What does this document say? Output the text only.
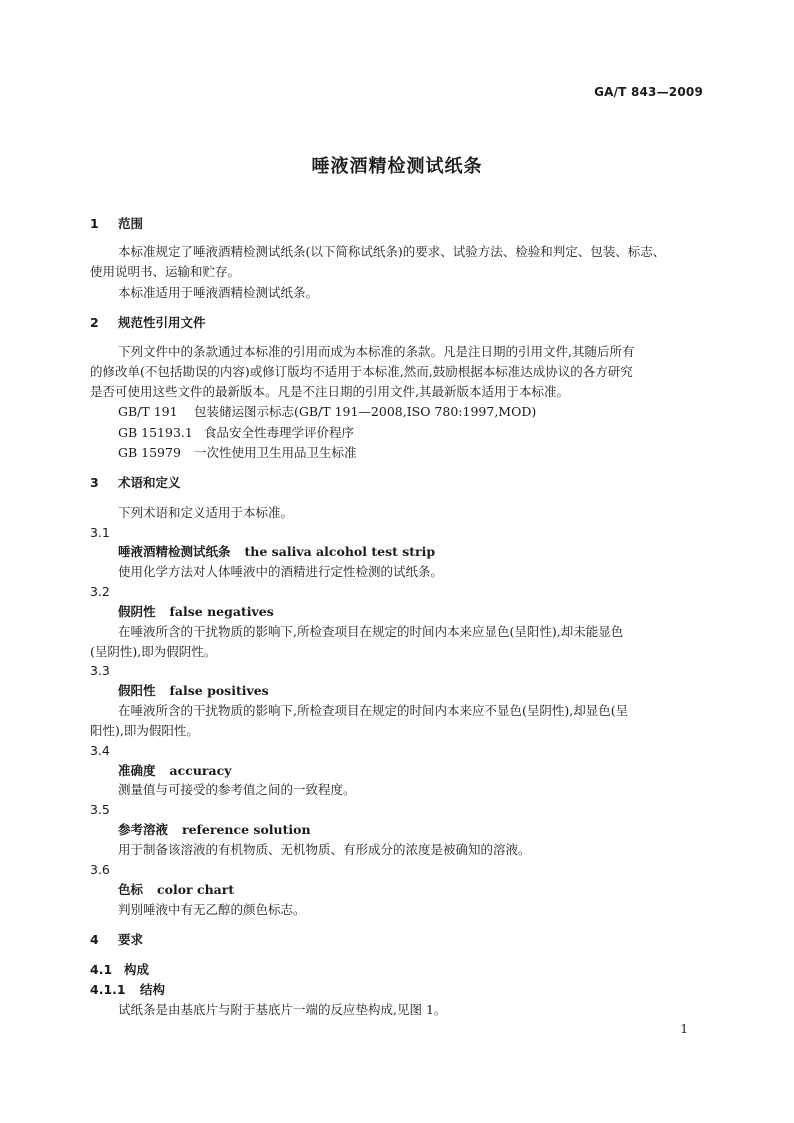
GA/T 843—2009
唾液酒精检测试纸条
1 范围
本标准规定了唾液酒精检测试纸条(以下简称试纸条)的要求、试验方法、检验和判定、包装、标志、
使用说明书、运输和贮存。
本标准适用于唾液酒精检测试纸条。
2 规范性引用文件
下列文件中的条款通过本标准的引用而成为本标准的条款。凡是注日期的引用文件,其随后所有
的修改单(不包括勘误的内容)或修订版均不适用于本标准,然而,鼓励根据本标准达成协议的各方研究
是否可使用这些文件的最新版本。凡是不注日期的引用文件,其最新版本适用于本标准。
GB/T 191 包装储运图示标志(GB/T 191—2008,ISO 780:1997,MOD)
GB 15193.1 食品安全性毒理学评价程序
GB 15979 一次性使用卫生用品卫生标准
3 术语和定义
下列术语和定义适用于本标准。
3.1
唾液酒精检测试纸条 the saliva alcohol test strip
使用化学方法对人体唾液中的酒精进行定性检测的试纸条。
3.2
假阴性 false negatives
在唾液所含的干扰物质的影响下,所检查项目在规定的时间内本来应显色(呈阳性),却未能显色
(呈阴性),即为假阴性。
3.3
假阳性 false positives
在唾液所含的干扰物质的影响下,所检查项目在规定的时间内本来应不显色(呈阴性),却显色(呈
阳性),即为假阳性。
3.4
准确度 accuracy
测量值与可接受的参考值之间的一致程度。
3.5
参考溶液 reference solution
用于制备该溶液的有机物质、无机物质、有形成分的浓度是被确知的溶液。
3.6
色标 color chart
判别唾液中有无乙醇的颜色标志。
4 要求
4.1 构成
4.1.1 结构
试纸条是由基底片与附于基底片一端的反应垫构成,见图 1。
1
